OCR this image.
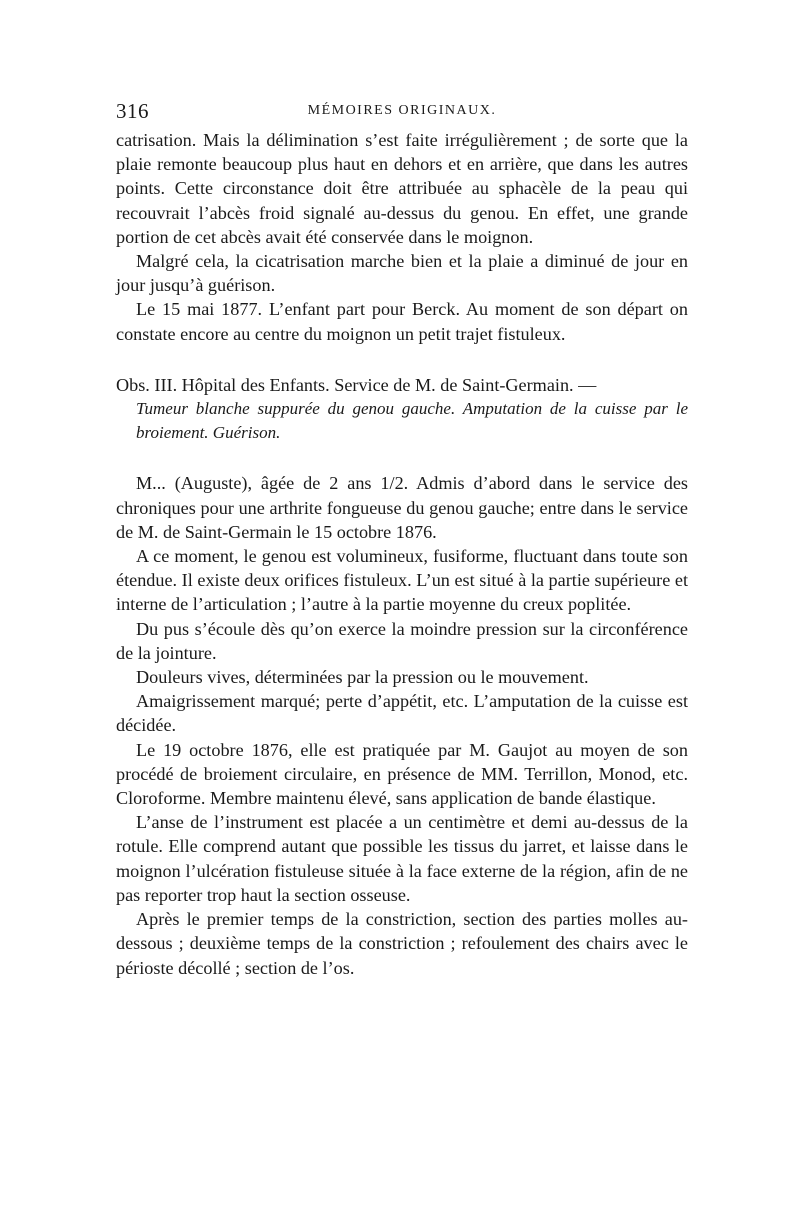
316	MÉMOIRES ORIGINAUX.

catrisation. Mais la délimination s’est faite irrégulièrement ; de sorte que la plaie remonte beaucoup plus haut en dehors et en arrière, que dans les autres points. Cette circonstance doit être attribuée au sphacèle de la peau qui recouvrait l’abcès froid signalé au-dessus du genou. En effet, une grande portion de cet abcès avait été conservée dans le moignon.

Malgré cela, la cicatrisation marche bien et la plaie a diminué de jour en jour jusqu’à guérison.

Le 15 mai 1877. L’enfant part pour Berck. Au moment de son départ on constate encore au centre du moignon un petit trajet fistuleux.

Obs. III. Hôpital des Enfants. Service de M. de Saint-Germain. —

Tumeur blanche suppurée du genou gauche. Amputation de la cuisse par le broiement. Guérison.

M... (Auguste), âgée de 2 ans 1/2. Admis d’abord dans le service des chroniques pour une arthrite fongueuse du genou gauche; entre dans le service de M. de Saint-Germain le 15 octobre 1876.

A ce moment, le genou est volumineux, fusiforme, fluctuant dans toute son étendue. Il existe deux orifices fistuleux. L’un est situé à la partie supérieure et interne de l’articulation ; l’autre à la partie moyenne du creux poplitée.

Du pus s’écoule dès qu’on exerce la moindre pression sur la circonférence de la jointure.

Douleurs vives, déterminées par la pression ou le mouvement.

Amaigrissement marqué; perte d’appétit, etc. L’amputation de la cuisse est décidée.

Le 19 octobre 1876, elle est pratiquée par M. Gaujot au moyen de son procédé de broiement circulaire, en présence de MM. Terrillon, Monod, etc. Cloroforme. Membre maintenu élevé, sans application de bande élastique.

L’anse de l’instrument est placée a un centimètre et demi au-dessus de la rotule. Elle comprend autant que possible les tissus du jarret, et laisse dans le moignon l’ulcération fistuleuse située à la face externe de la région, afin de ne pas reporter trop haut la section osseuse.

Après le premier temps de la constriction, section des parties molles au-dessous ; deuxième temps de la constriction ; refoulement des chairs avec le périoste décollé ; section de l’os.
